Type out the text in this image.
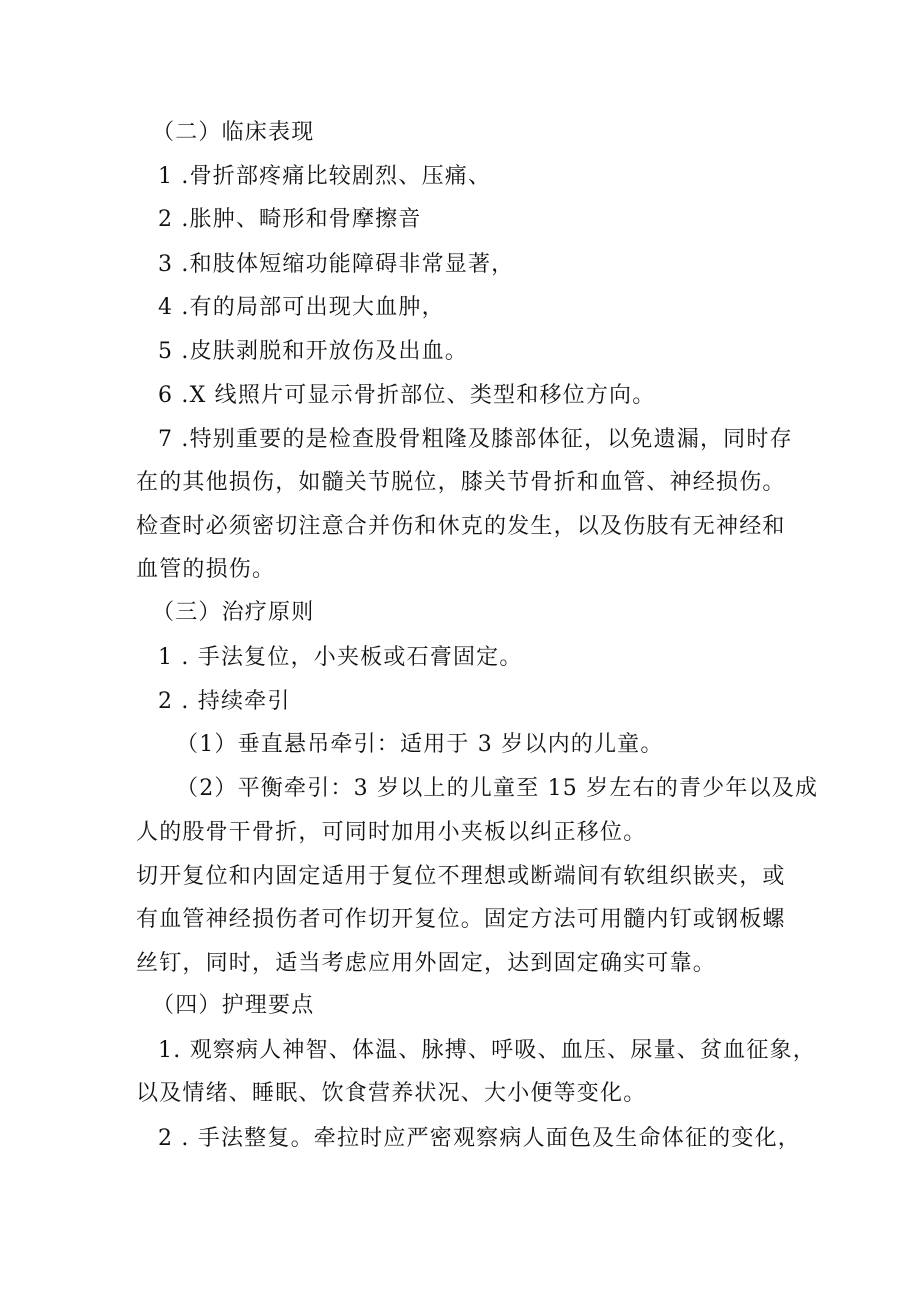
（二）临床表现
1 .骨折部疼痛比较剧烈、压痛、
2 .胀肿、畸形和骨摩擦音
3 .和肢体短缩功能障碍非常显著，
4 .有的局部可出现大血肿，
5 .皮肤剥脱和开放伤及出血。
6 .X 线照片可显示骨折部位、类型和移位方向。
7 .特别重要的是检查股骨粗隆及膝部体征，以免遗漏，同时存
在的其他损伤，如髓关节脱位，膝关节骨折和血管、神经损伤。
检查时必须密切注意合并伤和休克的发生，以及伤肢有无神经和
血管的损伤。
（三）治疗原则
1 . 手法复位，小夹板或石膏固定。
2 . 持续牵引
（1）垂直悬吊牵引：适用于 3 岁以内的儿童。
（2）平衡牵引：3 岁以上的儿童至 15 岁左右的青少年以及成
人的股骨干骨折，可同时加用小夹板以纠正移位。
切开复位和内固定适用于复位不理想或断端间有软组织嵌夹，或
有血管神经损伤者可作切开复位。固定方法可用髓内钉或钢板螺
丝钉，同时，适当考虑应用外固定，达到固定确实可靠。
（四）护理要点
1. 观察病人神智、体温、脉搏、呼吸、血压、尿量、贫血征象，
以及情绪、睡眠、饮食营养状况、大小便等变化。
2 . 手法整复。牵拉时应严密观察病人面色及生命体征的变化，
